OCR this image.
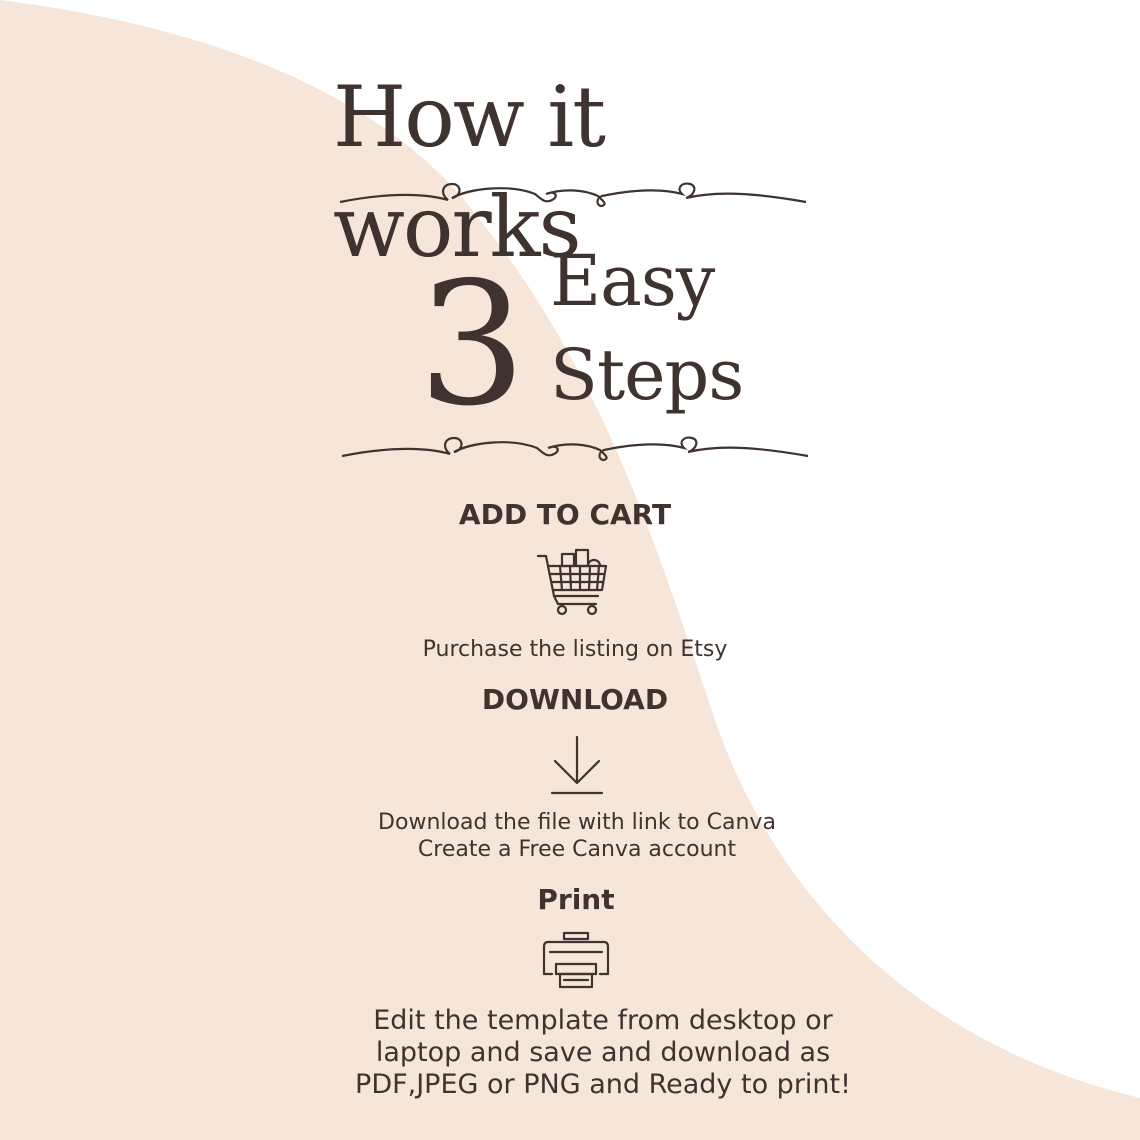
How it works
3 Easy
Steps
ADD TO CART
Purchase the listing on Etsy
DOWNLOAD
Download the file with link to Canva
Create a Free Canva account
Print
Edit the template from desktop or
laptop and save and download as
PDF,JPEG or PNG and Ready to print!
